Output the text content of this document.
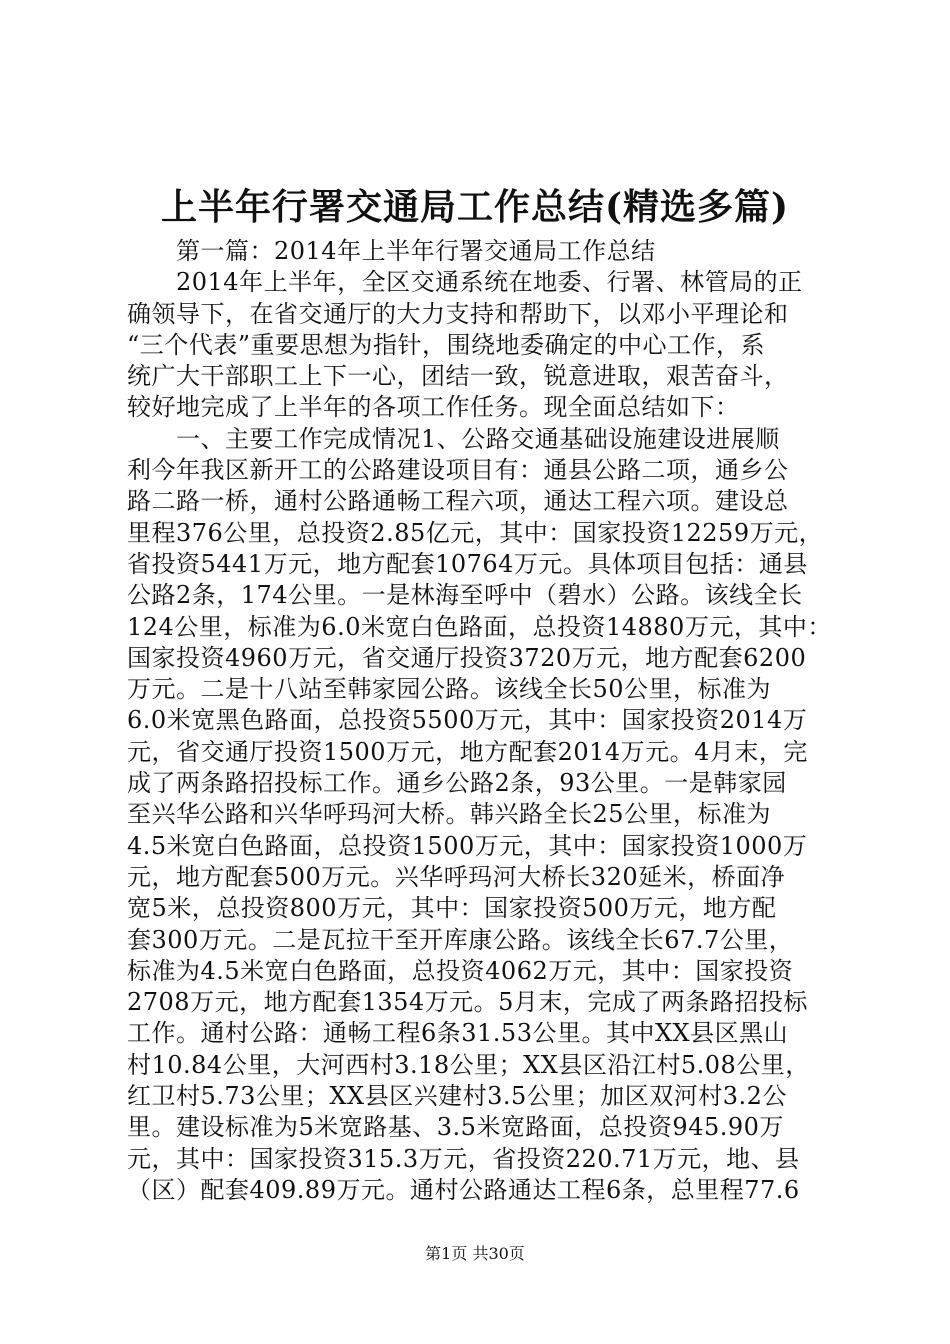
上半年行署交通局工作总结(精选多篇)
　　第一篇：2014年上半年行署交通局工作总结
　　2014年上半年，全区交通系统在地委、行署、林管局的正
确领导下，在省交通厅的大力支持和帮助下，以邓小平理论和
“三个代表”重要思想为指针，围绕地委确定的中心工作，系
统广大干部职工上下一心，团结一致，锐意进取，艰苦奋斗，
较好地完成了上半年的各项工作任务。现全面总结如下：
　　一、主要工作完成情况1、公路交通基础设施建设进展顺
利今年我区新开工的公路建设项目有：通县公路二项，通乡公
路二路一桥，通村公路通畅工程六项，通达工程六项。建设总
里程376公里，总投资2.85亿元，其中：国家投资12259万元，
省投资5441万元，地方配套10764万元。具体项目包括：通县
公路2条，174公里。一是林海至呼中（碧水）公路。该线全长
124公里，标准为6.0米宽白色路面，总投资14880万元，其中：
国家投资4960万元，省交通厅投资3720万元，地方配套6200
万元。二是十八站至韩家园公路。该线全长50公里，标准为
6.0米宽黑色路面，总投资5500万元，其中：国家投资2014万
元，省交通厅投资1500万元，地方配套2014万元。4月末，完
成了两条路招投标工作。通乡公路2条，93公里。一是韩家园
至兴华公路和兴华呼玛河大桥。韩兴路全长25公里，标准为
4.5米宽白色路面，总投资1500万元，其中：国家投资1000万
元，地方配套500万元。兴华呼玛河大桥长320延米，桥面净
宽5米，总投资800万元，其中：国家投资500万元，地方配
套300万元。二是瓦拉干至开库康公路。该线全长67.7公里，
标准为4.5米宽白色路面，总投资4062万元，其中：国家投资
2708万元，地方配套1354万元。5月末，完成了两条路招投标
工作。通村公路：通畅工程6条31.53公里。其中XX县区黑山
村10.84公里，大河西村3.18公里；XX县区沿江村5.08公里，
红卫村5.73公里；XX县区兴建村3.5公里；加区双河村3.2公
里。建设标准为5米宽路基、3.5米宽路面，总投资945.90万
元，其中：国家投资315.3万元，省投资220.71万元，地、县
（区）配套409.89万元。通村公路通达工程6条，总里程77.6
第1页 共30页
